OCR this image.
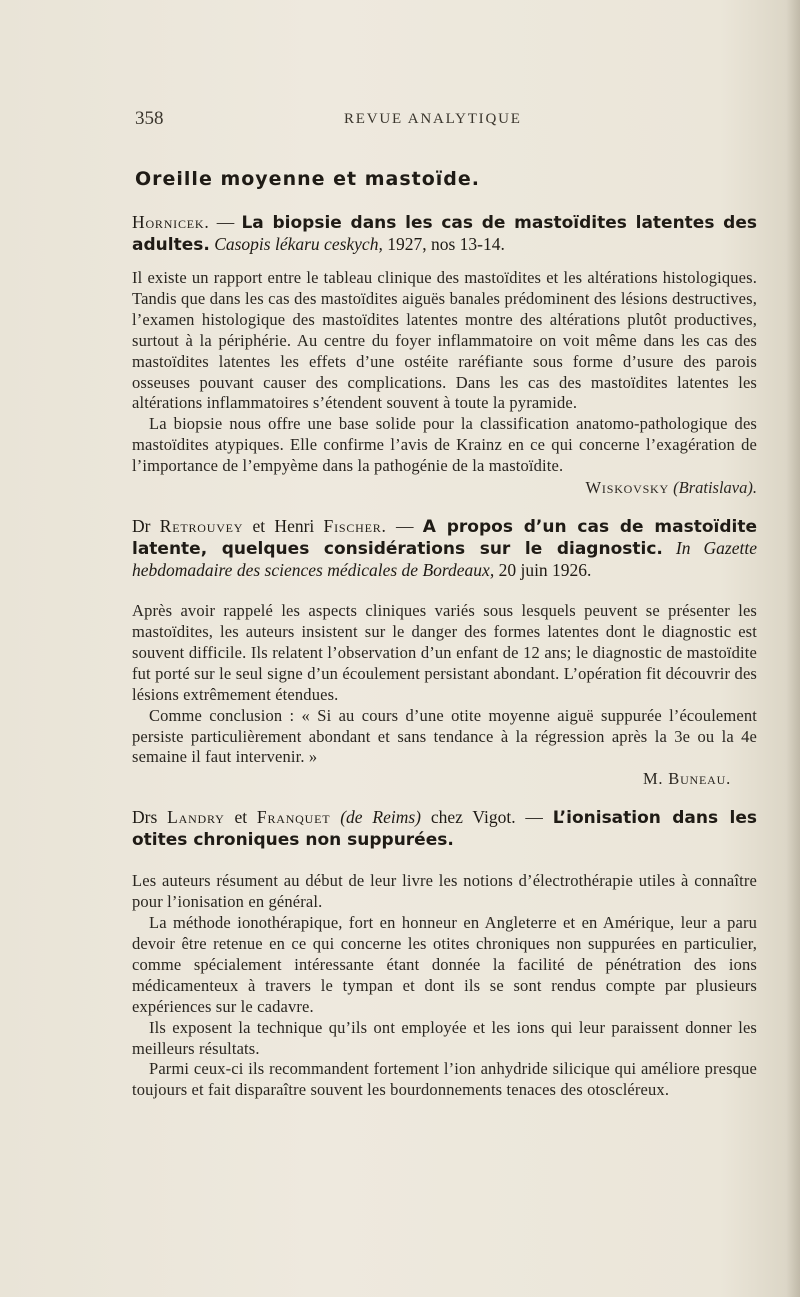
358	REVUE ANALYTIQUE
Oreille moyenne et mastoïde.

Hornicek. — La biopsie dans les cas de mastoïdites latentes des adultes. Casopis lékaru ceskych, 1927, nos 13-14.

Il existe un rapport entre le tableau clinique des mastoïdites et les altérations histologiques. Tandis que dans les cas des mastoïdites aiguës banales prédominent des lésions destructives, l’examen histologique des mastoïdites latentes montre des altérations plutôt productives, surtout à la périphérie. Au centre du foyer inflammatoire on voit même dans les cas des mastoïdites latentes les effets d’une ostéite raréfiante sous forme d’usure des parois osseuses pouvant causer des complications. Dans les cas des mastoïdites latentes les altérations inflammatoires s’étendent souvent à toute la pyramide.

La biopsie nous offre une base solide pour la classification anatomo-pathologique des mastoïdites atypiques. Elle confirme l’avis de Krainz en ce qui concerne l’exagération de l’importance de l’empyème dans la pathogénie de la mastoïdite.

Wiskovsky (Bratislava).

Dr Retrouvey et Henri Fischer. — A propos d’un cas de mastoïdite latente, quelques considérations sur le diagnostic. In Gazette hebdomadaire des sciences médicales de Bordeaux, 20 juin 1926.

Après avoir rappelé les aspects cliniques variés sous lesquels peuvent se présenter les mastoïdites, les auteurs insistent sur le danger des formes latentes dont le diagnostic est souvent difficile. Ils relatent l’observation d’un enfant de 12 ans; le diagnostic de mastoïdite fut porté sur le seul signe d’un écoulement persistant abondant. L’opération fit découvrir des lésions extrêmement étendues.

Comme conclusion : « Si au cours d’une otite moyenne aiguë suppurée l’écoulement persiste particulièrement abondant et sans tendance à la régression après la 3e ou la 4e semaine il faut intervenir. »

M. Buneau.

Drs Landry et Franquet (de Reims) chez Vigot. — L’ionisation dans les otites chroniques non suppurées.

Les auteurs résument au début de leur livre les notions d’électrothérapie utiles à connaître pour l’ionisation en général.

La méthode ionothérapique, fort en honneur en Angleterre et en Amérique, leur a paru devoir être retenue en ce qui concerne les otites chroniques non suppurées en particulier, comme spécialement intéressante étant donnée la facilité de pénétration des ions médicamenteux à travers le tympan et dont ils se sont rendus compte par plusieurs expériences sur le cadavre.

Ils exposent la technique qu’ils ont employée et les ions qui leur paraissent donner les meilleurs résultats.

Parmi ceux-ci ils recommandent fortement l’ion anhydride silicique qui améliore presque toujours et fait disparaître souvent les bourdonnements tenaces des otoscléreux.
